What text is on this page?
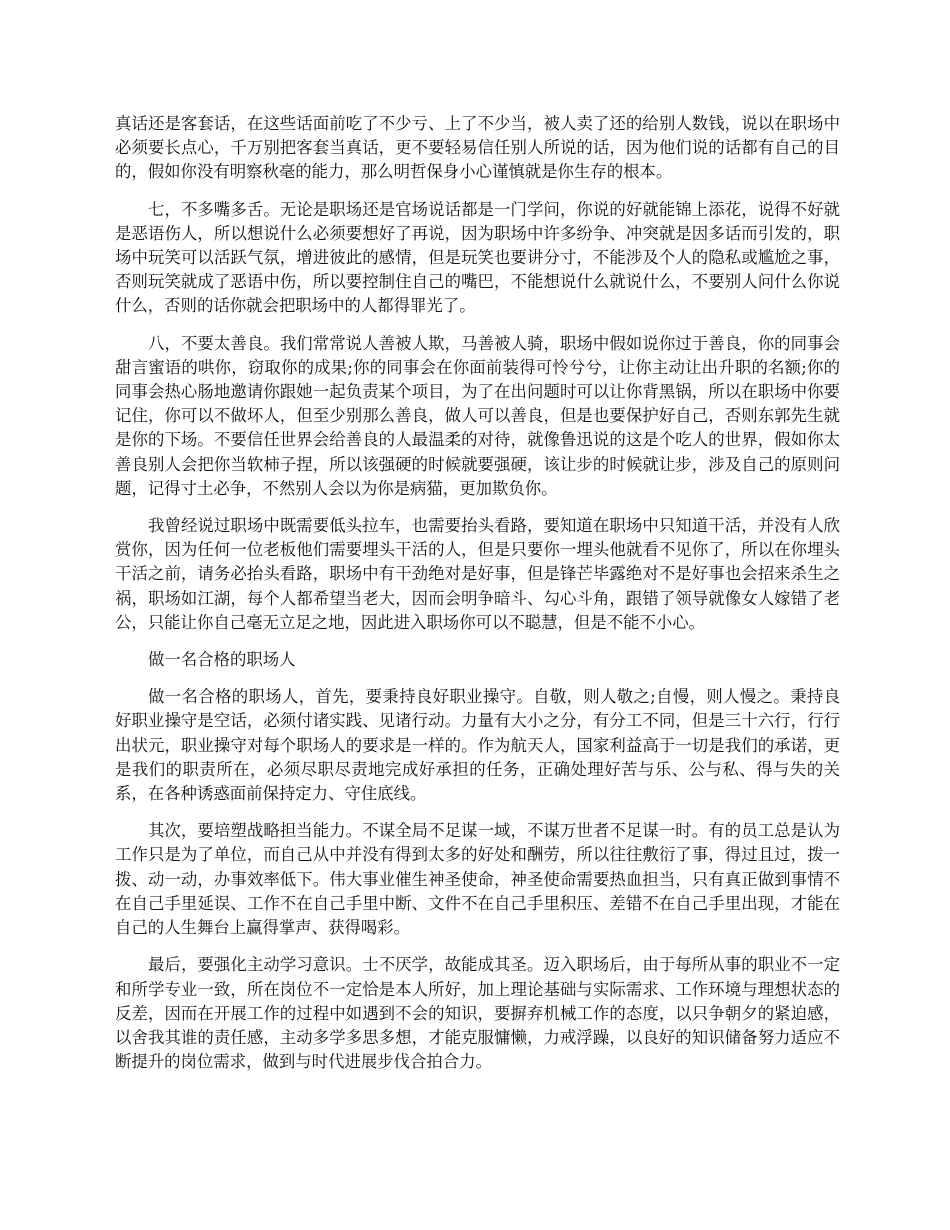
真话还是客套话，在这些话面前吃了不少亏、上了不少当，被人卖了还的给别人数钱，说以在职场中必须要长点心，千万别把客套当真话，更不要轻易信任别人所说的话，因为他们说的话都有自己的目的，假如你没有明察秋毫的能力，那么明哲保身小心谨慎就是你生存的根本。

七，不多嘴多舌。无论是职场还是官场说话都是一门学问，你说的好就能锦上添花，说得不好就是恶语伤人，所以想说什么必须要想好了再说，因为职场中许多纷争、冲突就是因多话而引发的，职场中玩笑可以活跃气氛，增进彼此的感情，但是玩笑也要讲分寸，不能涉及个人的隐私或尴尬之事，否则玩笑就成了恶语中伤，所以要控制住自己的嘴巴，不能想说什么就说什么，不要别人问什么你说什么，否则的话你就会把职场中的人都得罪光了。

八，不要太善良。我们常常说人善被人欺，马善被人骑，职场中假如说你过于善良，你的同事会甜言蜜语的哄你，窃取你的成果;你的同事会在你面前装得可怜兮兮，让你主动让出升职的名额;你的同事会热心肠地邀请你跟她一起负责某个项目，为了在出问题时可以让你背黑锅，所以在职场中你要记住，你可以不做坏人，但至少别那么善良，做人可以善良，但是也要保护好自己，否则东郭先生就是你的下场。不要信任世界会给善良的人最温柔的对待，就像鲁迅说的这是个吃人的世界，假如你太善良别人会把你当软柿子捏，所以该强硬的时候就要强硬，该让步的时候就让步，涉及自己的原则问题，记得寸土必争，不然别人会以为你是病猫，更加欺负你。

我曾经说过职场中既需要低头拉车，也需要抬头看路，要知道在职场中只知道干活，并没有人欣赏你，因为任何一位老板他们需要埋头干活的人，但是只要你一埋头他就看不见你了，所以在你埋头干活之前，请务必抬头看路，职场中有干劲绝对是好事，但是锋芒毕露绝对不是好事也会招来杀生之祸，职场如江湖，每个人都希望当老大，因而会明争暗斗、勾心斗角，跟错了领导就像女人嫁错了老公，只能让你自己毫无立足之地，因此进入职场你可以不聪慧，但是不能不小心。

做一名合格的职场人

做一名合格的职场人，首先，要秉持良好职业操守。自敬，则人敬之;自慢，则人慢之。秉持良好职业操守是空话，必须付诸实践、见诸行动。力量有大小之分，有分工不同，但是三十六行，行行出状元，职业操守对每个职场人的要求是一样的。作为航天人，国家利益高于一切是我们的承诺，更是我们的职责所在，必须尽职尽责地完成好承担的任务，正确处理好苦与乐、公与私、得与失的关系，在各种诱惑面前保持定力、守住底线。

其次，要培塑战略担当能力。不谋全局不足谋一域，不谋万世者不足谋一时。有的员工总是认为工作只是为了单位，而自己从中并没有得到太多的好处和酬劳，所以往往敷衍了事，得过且过，拨一拨、动一动，办事效率低下。伟大事业催生神圣使命，神圣使命需要热血担当，只有真正做到事情不在自己手里延误、工作不在自己手里中断、文件不在自己手里积压、差错不在自己手里出现，才能在自己的人生舞台上赢得掌声、获得喝彩。

最后，要强化主动学习意识。士不厌学，故能成其圣。迈入职场后，由于每所从事的职业不一定和所学专业一致，所在岗位不一定恰是本人所好，加上理论基础与实际需求、工作环境与理想状态的反差，因而在开展工作的过程中如遇到不会的知识，要摒弃机械工作的态度，以只争朝夕的紧迫感，以舍我其谁的责任感，主动多学多思多想，才能克服慵懒，力戒浮躁，以良好的知识储备努力适应不断提升的岗位需求，做到与时代进展步伐合拍合力。
